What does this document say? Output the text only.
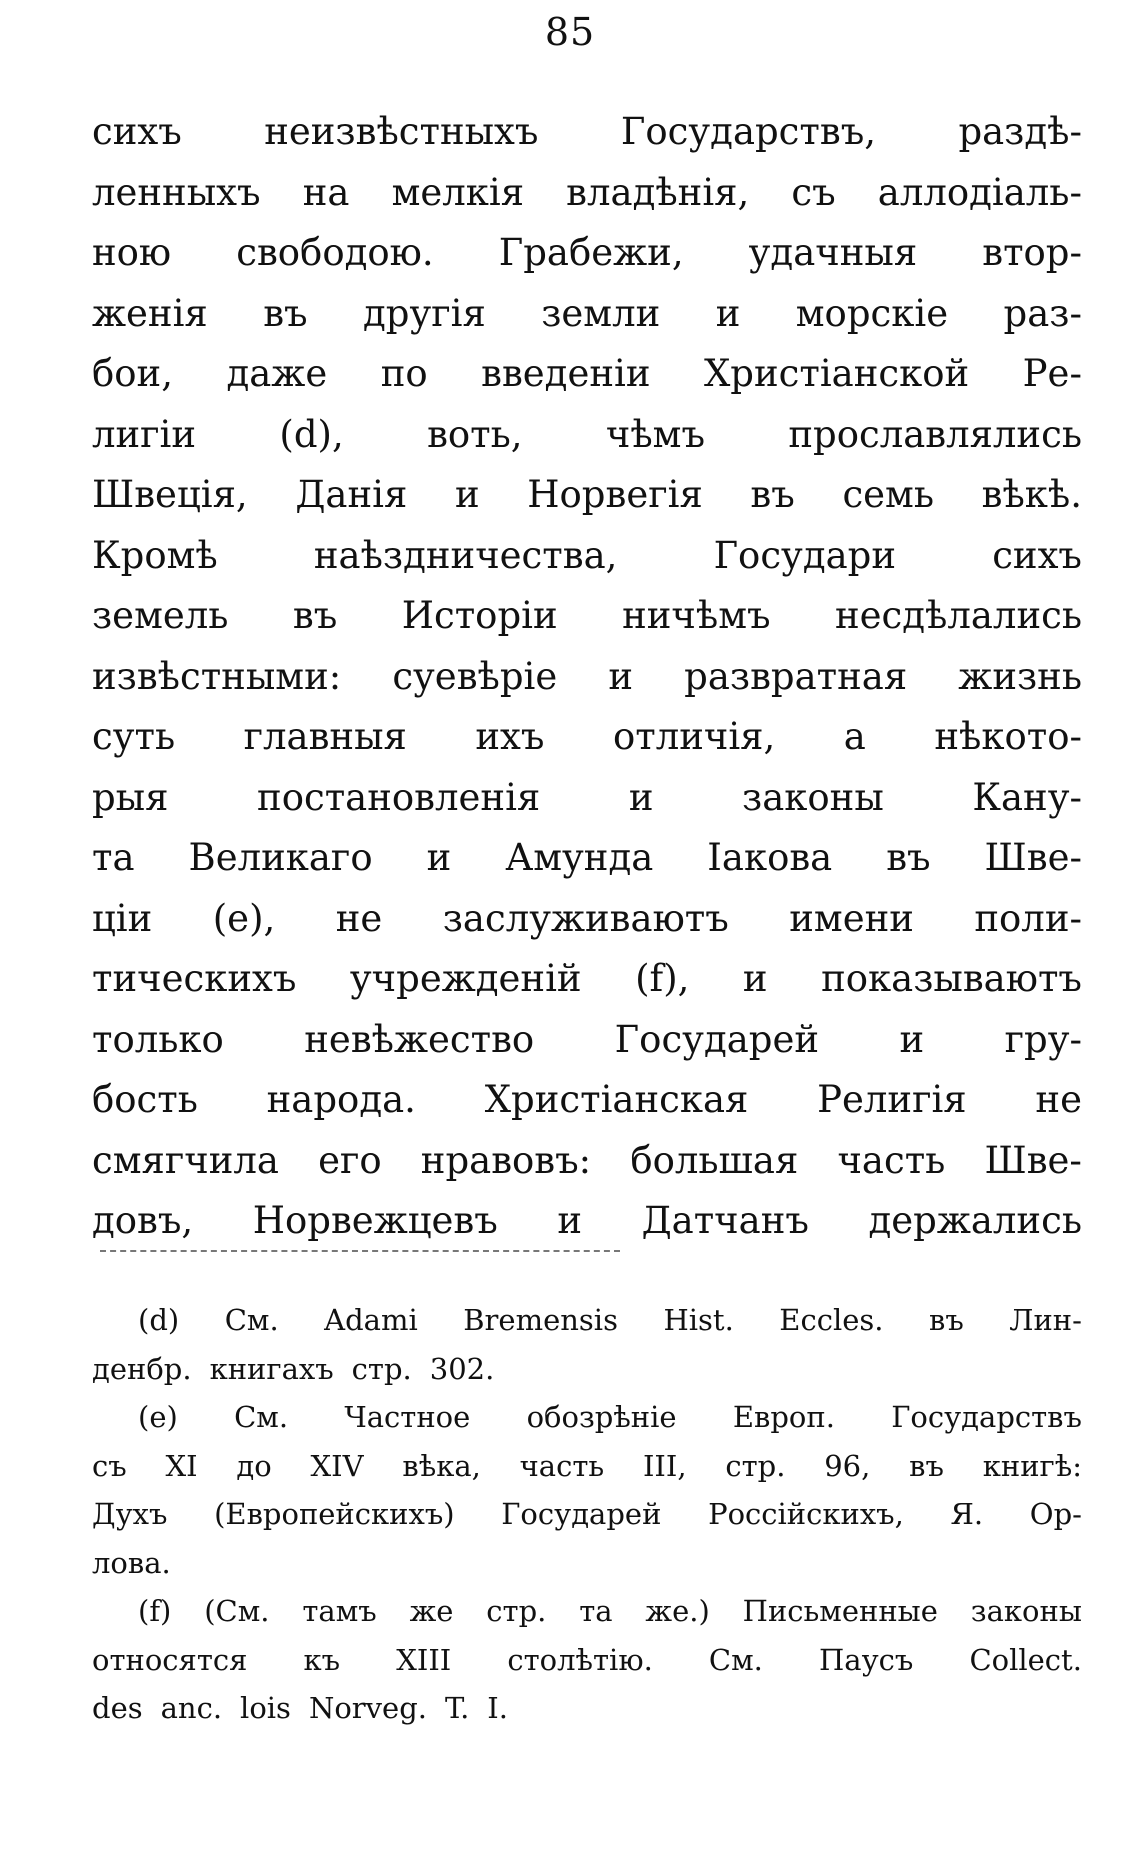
85
сихъ неизвѣстныхъ Государствъ, раздѣ-
ленныхъ на мелкія владѣнія, съ аллодіаль-
ною свободою. Грабежи, удачныя втор-
женія въ другія земли и морскіе раз-
бои, даже по введеніи Христіанской Ре-
лигіи (d), воть, чѣмъ прославлялись
Швеція, Данія и Норвегія въ семь вѣкѣ.
Кромѣ	наѣздничества,	Государи	сихъ
земель въ Исторіи ничѣмъ несдѣлались
извѣстными: суевѣріе и развратная жизнь
суть главныя ихъ отличія, а нѣкото-
рыя постановленія и законы Кану-
та Великаго и Амунда Іакова въ Шве-
ціи (e), не заслуживаютъ имени поли-
тическихъ учрежденій (f), и показываютъ
только невѣжество Государей и гру-
бость народа. Христіанская Религія не
смягчила его нравовъ: большая часть Шве-
довъ, Норвежцевъ и Датчанъ держались
(d) См. Adami Bremensis Hist. Eccles. въ Лин-
денбр. книгахъ стр. 302.
(e) См. Частное обозрѣніе Европ. Государствъ
съ XI до XIV вѣка, часть III, стр. 96, въ книгѣ:
Духъ (Европейскихъ) Государей Россійскихъ, Я. Ор-
лова.
(f) (См. тамъ же стр. та же.) Письменные законы
относятся къ XIII столѣтію. См. Паусъ Collect.
des anc. lois Norveg. T. I.
